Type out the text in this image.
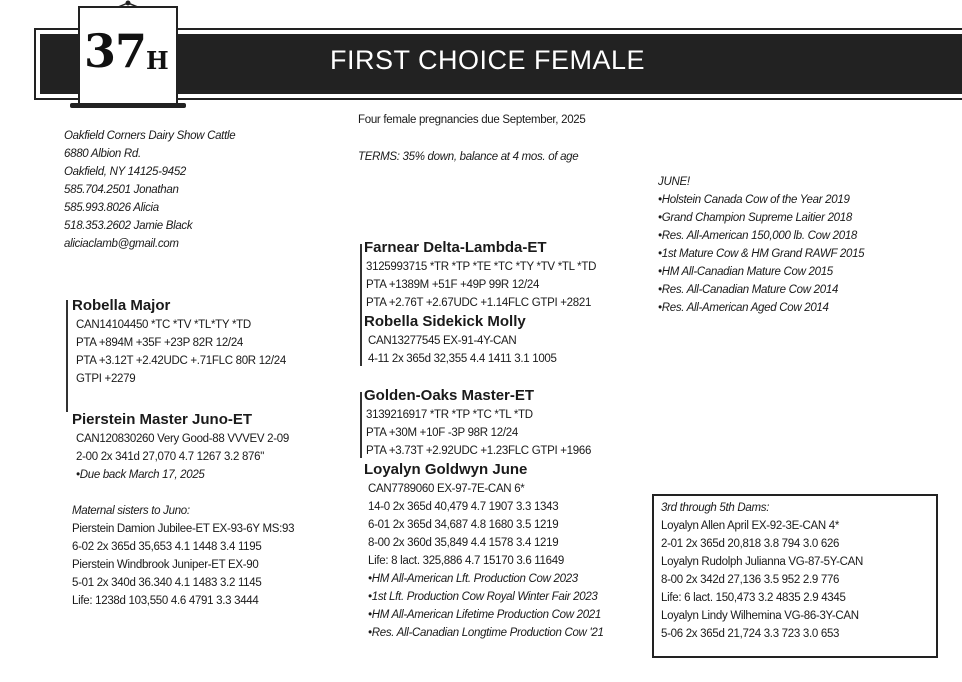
FIRST CHOICE FEMALE
37 H
Four female pregnancies due September, 2025
TERMS: 35% down, balance at 4 mos. of age
Oakfield Corners Dairy Show Cattle
6880 Albion Rd.
Oakfield, NY 14125-9452
585.704.2501 Jonathan
585.993.8026 Alicia
518.353.2602 Jamie Black
aliciaclamb@gmail.com
Robella Major
CAN14104450 *TC *TV *TL*TY *TD
PTA +894M +35F +23P 82R 12/24
PTA +3.12T +2.42UDC +.71FLC 80R 12/24
GTPI +2279
Pierstein Master Juno-ET
CAN120830260 Very Good-88 VVVEV 2-09
2-00 2x 341d 27,070 4.7 1267 3.2 876"
•Due back March 17, 2025
Maternal sisters to Juno:
Pierstein Damion Jubilee-ET EX-93-6Y MS:93
6-02 2x 365d 35,653 4.1 1448 3.4 1195
Pierstein Windbrook Juniper-ET EX-90
5-01 2x 340d 36.340 4.1 1483 3.2 1145
Life: 1238d 103,550 4.6 4791 3.3 3444
Farnear Delta-Lambda-ET
3125993715 *TR *TP *TE *TC *TY *TV *TL *TD
PTA +1389M +51F +49P 99R 12/24
PTA +2.76T +2.67UDC +1.14FLC GTPI +2821
Robella Sidekick Molly
CAN13277545 EX-91-4Y-CAN
4-11 2x 365d 32,355 4.4 1411 3.1 1005
Golden-Oaks Master-ET
3139216917 *TR *TP *TC *TL *TD
PTA +30M +10F -3P 98R 12/24
PTA +3.73T +2.92UDC +1.23FLC GTPI +1966
Loyalyn Goldwyn June
CAN7789060 EX-97-7E-CAN 6*
14-0 2x 365d 40,479 4.7 1907 3.3 1343
6-01 2x 365d 34,687 4.8 1680 3.5 1219
8-00 2x 360d 35,849 4.4 1578 3.4 1219
Life: 8 lact. 325,886 4.7 15170 3.6 11649
•HM All-American Lft. Production Cow 2023
•1st Lft. Production Cow Royal Winter Fair 2023
•HM All-American Lifetime Production Cow 2021
•Res. All-Canadian Longtime Production Cow '21
JUNE!
•Holstein Canada Cow of the Year 2019
•Grand Champion Supreme Laitier 2018
•Res. All-American 150,000 lb. Cow 2018
•1st Mature Cow & HM Grand RAWF 2015
•HM All-Canadian Mature Cow 2015
•Res. All-Canadian Mature Cow 2014
•Res. All-American Aged Cow 2014
3rd through 5th Dams:
Loyalyn Allen April EX-92-3E-CAN 4*
2-01 2x 365d 20,818 3.8 794 3.0 626
Loyalyn Rudolph Julianna VG-87-5Y-CAN
8-00 2x 342d 27,136 3.5 952 2.9 776
Life: 6 lact. 150,473 3.2 4835 2.9 4345
Loyalyn Lindy Wilhemina VG-86-3Y-CAN
5-06 2x 365d 21,724 3.3 723 3.0 653
